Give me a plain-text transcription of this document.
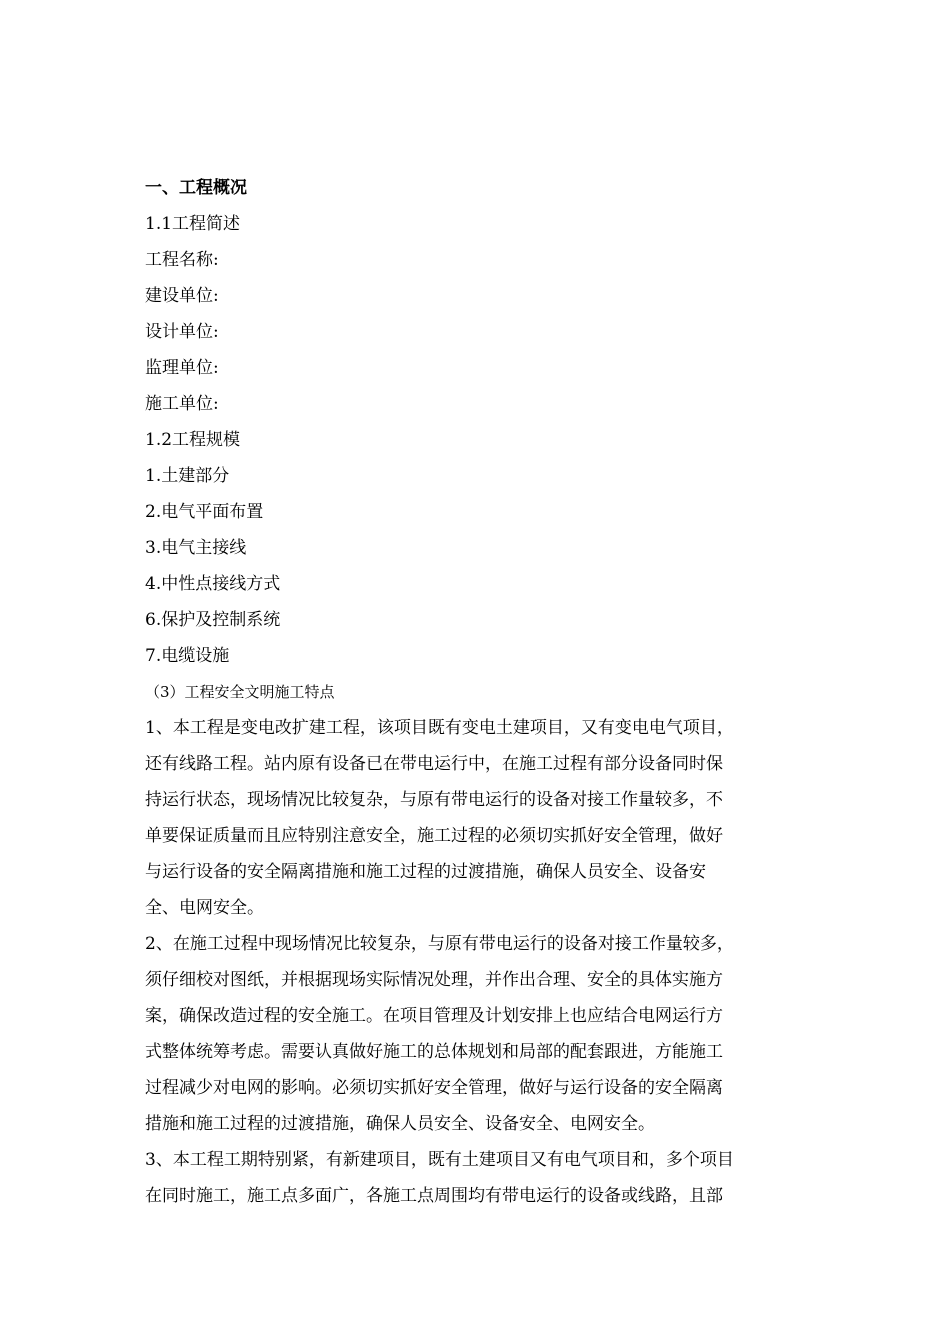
一、工程概况

1.1工程简述

工程名称:

建设单位:

设计单位:

监理单位:

施工单位:

1.2工程规模

1.土建部分

2.电气平面布置

3.电气主接线

4.中性点接线方式

6.保护及控制系统

7.电缆设施

（3）工程安全文明施工特点

1、本工程是变电改扩建工程，该项目既有变电土建项目，又有变电电气项目，
还有线路工程。站内原有设备已在带电运行中，在施工过程有部分设备同时保
持运行状态，现场情况比较复杂，与原有带电运行的设备对接工作量较多，不
单要保证质量而且应特别注意安全，施工过程的必须切实抓好安全管理，做好
与运行设备的安全隔离措施和施工过程的过渡措施，确保人员安全、设备安
全、电网安全。
2、在施工过程中现场情况比较复杂，与原有带电运行的设备对接工作量较多，
须仔细校对图纸，并根据现场实际情况处理，并作出合理、安全的具体实施方
案，确保改造过程的安全施工。在项目管理及计划安排上也应结合电网运行方
式整体统筹考虑。需要认真做好施工的总体规划和局部的配套跟进，方能施工
过程减少对电网的影响。必须切实抓好安全管理，做好与运行设备的安全隔离
措施和施工过程的过渡措施，确保人员安全、设备安全、电网安全。
3、本工程工期特别紧，有新建项目，既有土建项目又有电气项目和，多个项目
在同时施工，施工点多面广，各施工点周围均有带电运行的设备或线路，且部
